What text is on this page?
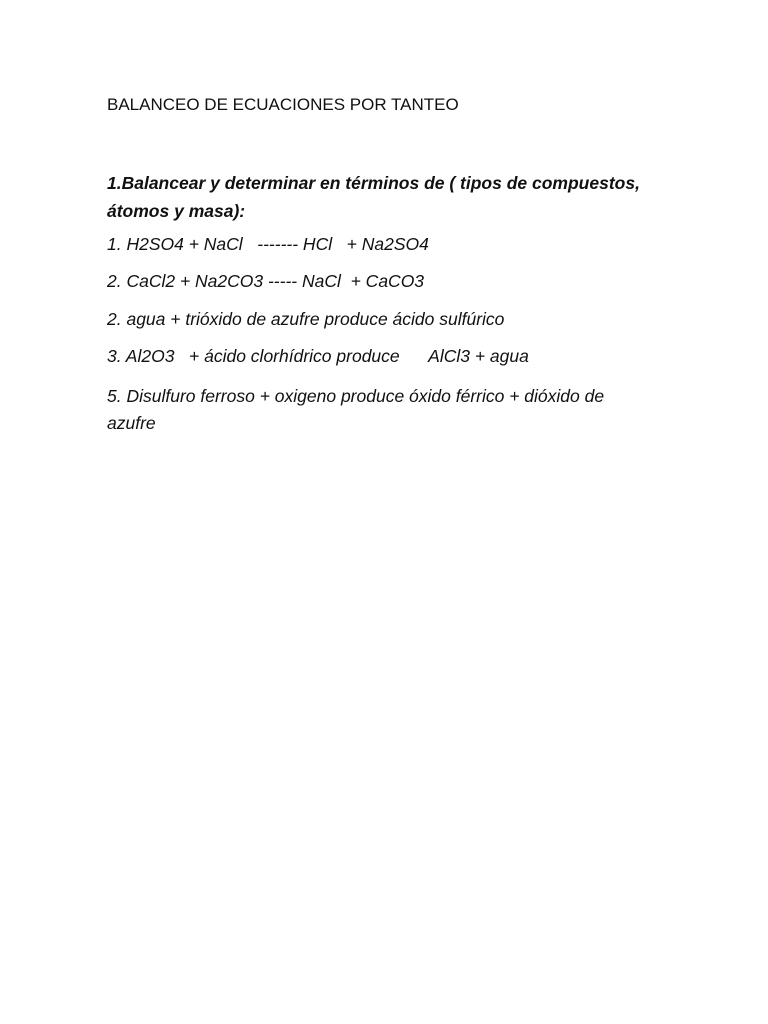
BALANCEO DE ECUACIONES POR TANTEO
1.Balancear y determinar en términos de ( tipos de compuestos, átomos y masa):
1. H2SO4 + NaCl   ------- HCl   + Na2SO4
2. CaCl2 + Na2CO3 ----- NaCl  + CaCO3
2. agua + trióxido de azufre produce ácido sulfúrico
3. Al2O3   + ácido clorhídrico produce      AlCl3 + agua
5. Disulfuro ferroso + oxigeno produce óxido férrico + dióxido de azufre
